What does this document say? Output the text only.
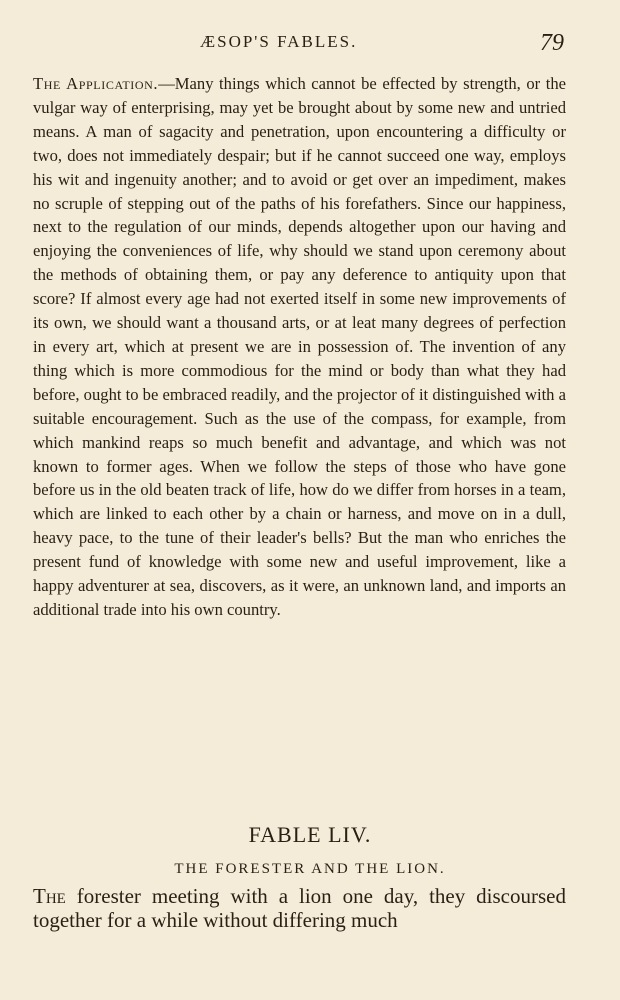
ÆSOP'S FABLES.	79

The Application.—Many things which cannot be effected by strength, or the vulgar way of enterprising, may yet be brought about by some new and untried means. A man of sagacity and penetration, upon encountering a difficulty or two, does not immediately despair; but if he cannot succeed one way, employs his wit and ingenuity another; and to avoid or get over an impediment, makes no scruple of stepping out of the paths of his forefathers. Since our happiness, next to the regulation of our minds, depends altogether upon our having and enjoying the conveniences of life, why should we stand upon ceremony about the methods of obtaining them, or pay any deference to antiquity upon that score? If almost every age had not exerted itself in some new improvements of its own, we should want a thousand arts, or at leat many degrees of perfection in every art, which at present we are in possession of. The invention of any thing which is more commodious for the mind or body than what they had before, ought to be embraced readily, and the projector of it distinguished with a suitable encouragement. Such as the use of the compass, for example, from which mankind reaps so much benefit and advantage, and which was not known to former ages. When we follow the steps of those who have gone before us in the old beaten track of life, how do we differ from horses in a team, which are linked to each other by a chain or harness, and move on in a dull, heavy pace, to the tune of their leader's bells? But the man who enriches the present fund of knowledge with some new and useful improvement, like a happy adventurer at sea, discovers, as it were, an unknown land, and imports an additional trade into his own country.

FABLE LIV.
THE FORESTER AND THE LION.

The forester meeting with a lion one day, they discoursed together for a while without differing much
